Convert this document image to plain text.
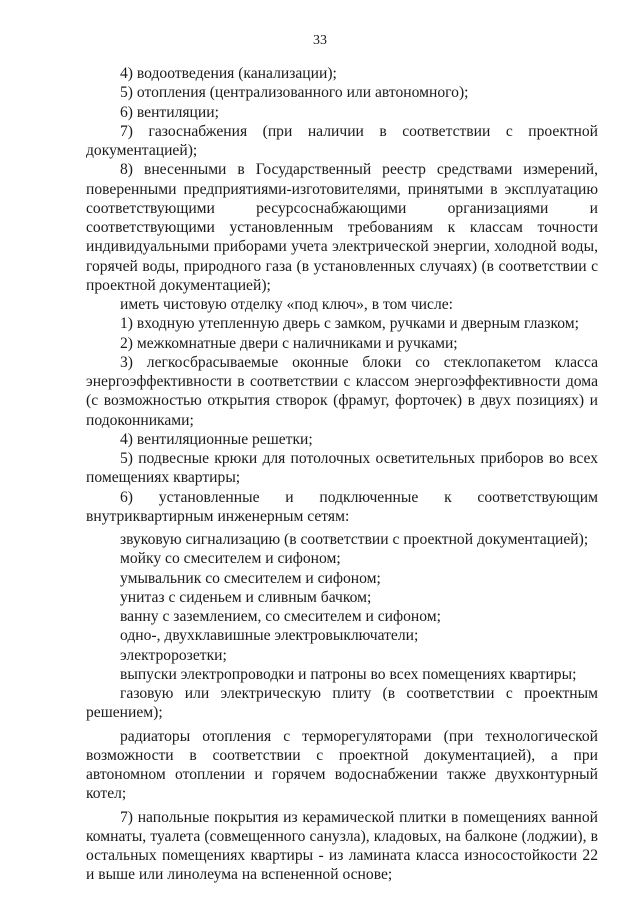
33

4) водоотведения (канализации);

5) отопления (централизованного или автономного);

6) вентиляции;

7) газоснабжения (при наличии в соответствии с проектной документацией);

8) внесенными в Государственный реестр средствами измерений, поверенными предприятиями-изготовителями, принятыми в эксплуатацию соответствующими ресурсоснабжающими организациями и соответствующими установленным требованиям к классам точности индивидуальными приборами учета электрической энергии, холодной воды, горячей воды, природного газа (в установленных случаях) (в соответствии с проектной документацией);

иметь чистовую отделку «под ключ», в том числе:

1) входную утепленную дверь с замком, ручками и дверным глазком;

2) межкомнатные двери с наличниками и ручками;

3) легкосбрасываемые оконные блоки со стеклопакетом класса энергоэффективности в соответствии с классом энергоэффективности дома (с возможностью открытия створок (фрамуг, форточек) в двух позициях) и подоконниками;

4) вентиляционные решетки;

5) подвесные крюки для потолочных осветительных приборов во всех помещениях квартиры;

6) установленные и подключенные к соответствующим внутриквартирным инженерным сетям:

звуковую сигнализацию (в соответствии с проектной документацией);

мойку со смесителем и сифоном;

умывальник со смесителем и сифоном;

унитаз с сиденьем и сливным бачком;

ванну с заземлением, со смесителем и сифоном;

одно-, двухклавишные электровыключатели;

электророзетки;

выпуски электропроводки и патроны во всех помещениях квартиры;

газовую или электрическую плиту (в соответствии с проектным решением);

радиаторы отопления с терморегуляторами (при технологической возможности в соответствии с проектной документацией), а при автономном отоплении и горячем водоснабжении также двухконтурный котел;

7) напольные покрытия из керамической плитки в помещениях ванной комнаты, туалета (совмещенного санузла), кладовых, на балконе (лоджии), в остальных помещениях квартиры - из ламината класса износостойкости 22 и выше или линолеума на вспененной основе;
